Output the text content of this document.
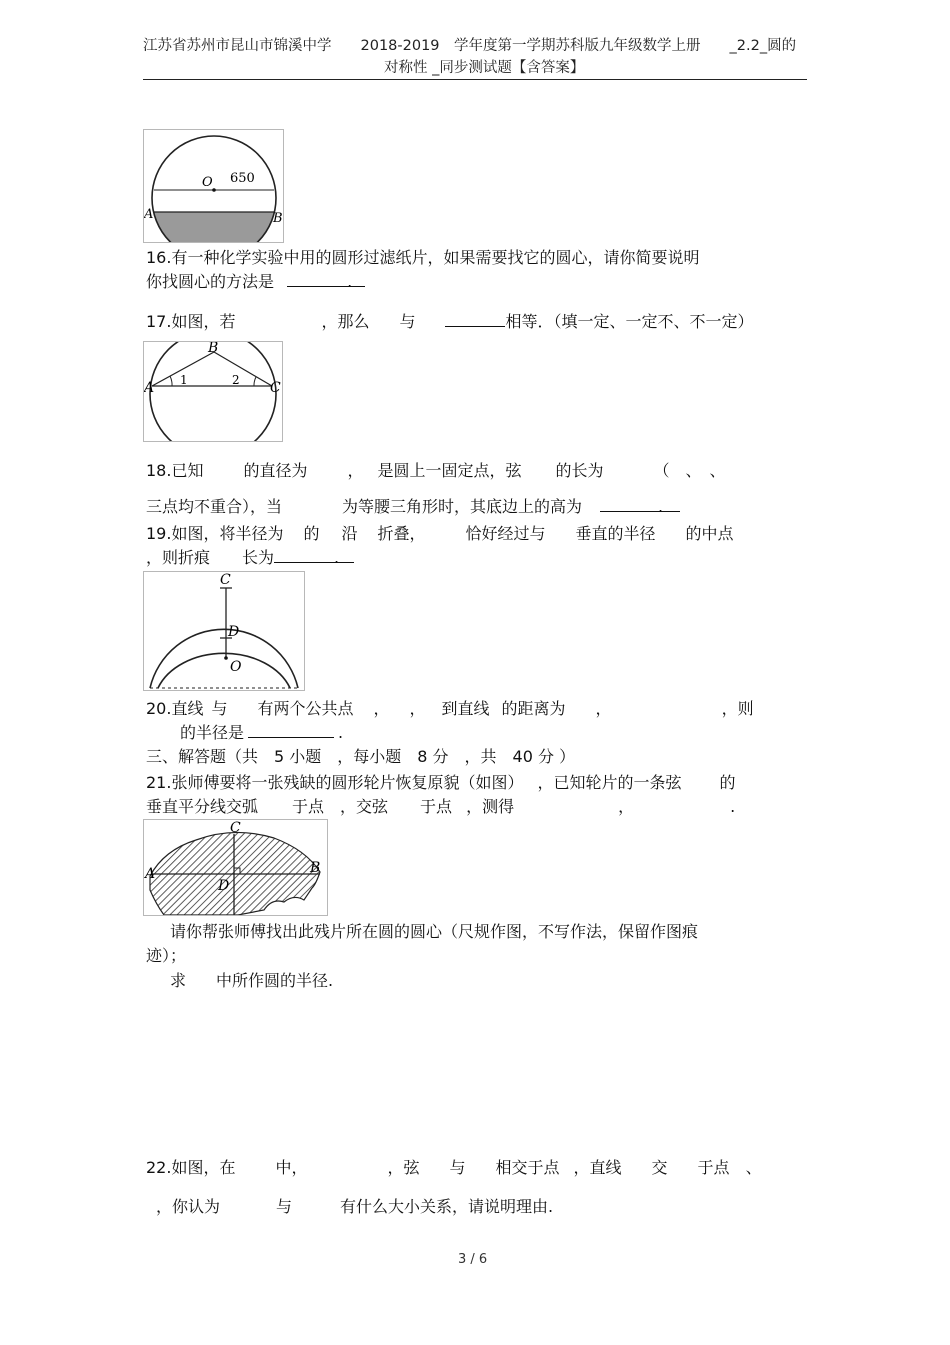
江苏省苏州市昆山市锦溪中学　　2018-2019　学年度第一学期苏科版九年级数学上册　　_2.2_圆的
对称性 _同步测试题【含答案】
O 650
A	B
16.有一种化学实验中用的圆形过滤纸片，如果需要找它的圆心，请你简要说明
你找圆心的方法是	.
17.如图，若	，那么 与	相等．（填一定、一定不、不一定）
A
B
C
1	2
18.已知	的直径为	， 是圆上一固定点，弦 的长为	（　、　、
三点均不重合），当	为等腰三角形时，其底边上的高为	.
19.如图，将半径为 的 沿 折叠，	恰好经过与 垂直的半径 的中点
，则折痕 长为	.
C
D
O
20.直线 与 有两个公共点 ， ， 到直线 的距离为 ，	，则
的半径是	.
三、解答题（共　5 小题　，每小题　8 分　，共　40 分 ）
21.张师傅要将一张残缺的圆形轮片恢复原貌（如图） ，已知轮片的一条弦 的
垂直平分线交弧 于点 ，交弦 于点 ，测得	，	.
C
A	B
D
请你帮张师傅找出此残片所在圆的圆心（尺规作图，不写作法，保留作图痕
迹）；
求 中所作圆的半径.
22.如图，在	中，	，弦 与 相交于点 ，直线 交 于点 、
，你认为	与	有什么大小关系，请说明理由.
3 / 6
